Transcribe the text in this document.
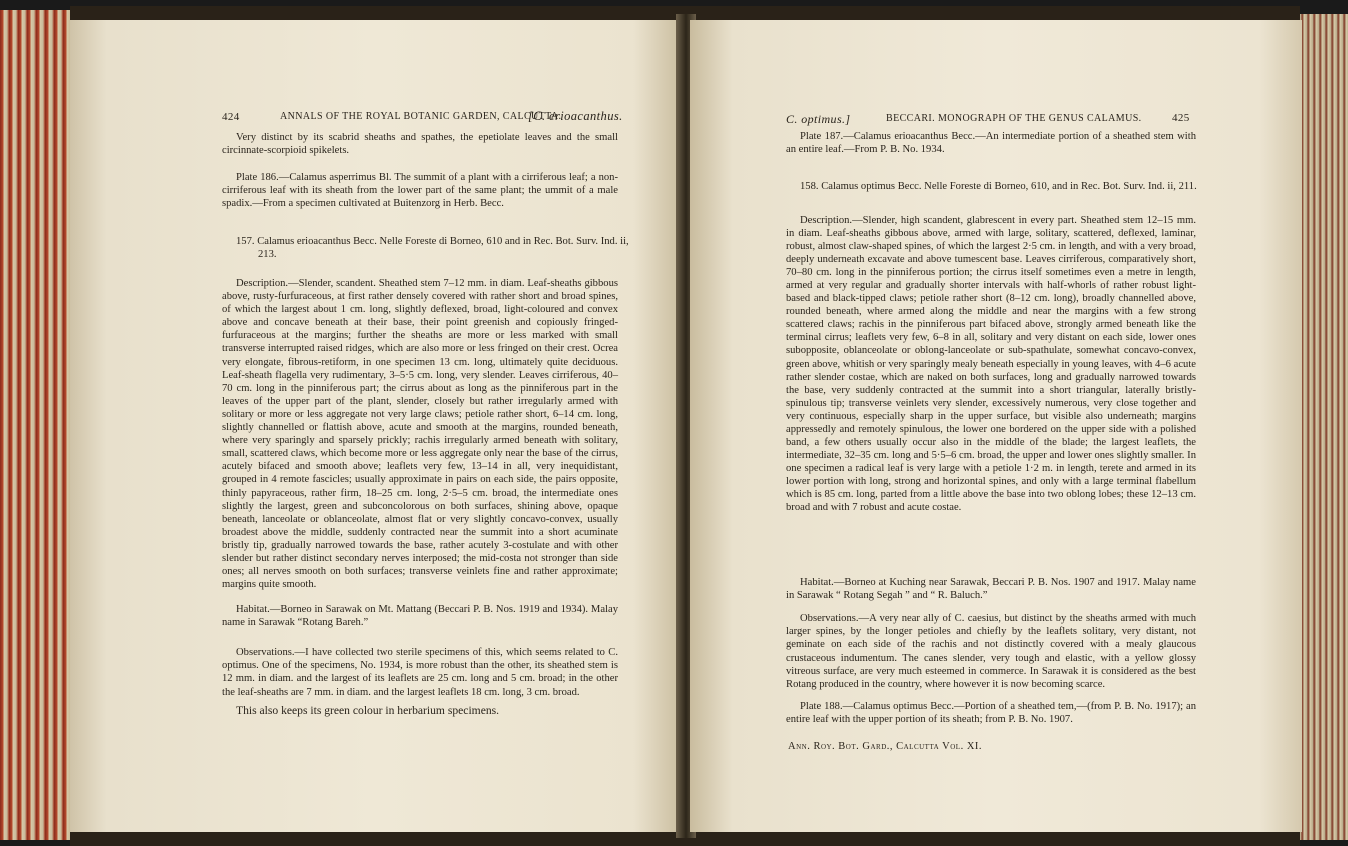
424	ANNALS OF THE ROYAL BOTANIC GARDEN, CALCUTTA.
[C. erioacanthus.

Very distinct by its scabrid sheaths and spathes, the epetiolate leaves and the small circinnate-scorpioid spikelets.

Plate 186.—Calamus asperrimus Bl. The summit of a plant with a cirriferous leaf; a non-cirriferous leaf with its sheath from the lower part of the same plant; the ummit of a male spadix.—From a specimen cultivated at Buitenzorg in Herb. Becc.

157. Calamus erioacanthus Becc. Nelle Foreste di Borneo, 610 and in Rec. Bot. Surv. Ind. ii, 213.

Description.—Slender, scandent. Sheathed stem 7–12 mm. in diam. Leaf-sheaths gibbous above, rusty-furfuraceous, at first rather densely covered with rather short and broad spines, of which the largest about 1 cm. long, slightly deflexed, broad, light-coloured and convex above and concave beneath at their base, their point greenish and copiously fringed-furfuraceous at the margins; further the sheaths are more or less marked with small transverse interrupted raised ridges, which are also more or less fringed on their crest. Ocrea very elongate, fibrous-retiform, in one specimen 13 cm. long, ultimately quite deciduous. Leaf-sheath flagella very rudimentary, 3–5·5 cm. long, very slender. Leaves cirriferous, 40–70 cm. long in the pinniferous part; the cirrus about as long as the pinniferous part in the leaves of the upper part of the plant, slender, closely but rather irregularly armed with solitary or more or less aggregate not very large claws; petiole rather short, 6–14 cm. long, slightly channelled or flattish above, acute and smooth at the margins, rounded beneath, where very sparingly and sparsely prickly; rachis irregularly armed beneath with solitary, small, scattered claws, which become more or less aggregate only near the base of the cirrus, acutely bifaced and smooth above; leaflets very few, 13–14 in all, very inequidistant, grouped in 4 remote fascicles; usually approximate in pairs on each side, the pairs opposite, thinly papyraceous, rather firm, 18–25 cm. long, 2·5–5 cm. broad, the intermediate ones slightly the largest, green and subconcolorous on both surfaces, shining above, opaque beneath, lanceolate or oblanceolate, almost flat or very slightly concavo-convex, usually broadest above the middle, suddenly contracted near the summit into a short acuminate bristly tip, gradually narrowed towards the base, rather acutely 3-costulate and with other slender but rather distinct secondary nerves interposed; the mid-costa not stronger than side ones; all nerves smooth on both surfaces; transverse veinlets fine and rather approximate; margins quite smooth.

Habitat.—Borneo in Sarawak on Mt. Mattang (Beccari P. B. Nos. 1919 and 1934). Malay name in Sarawak “Rotang Bareh.”

Observations.—I have collected two sterile specimens of this, which seems related to C. optimus. One of the specimens, No. 1934, is more robust than the other, its sheathed stem is 12 mm. in diam. and the largest of its leaflets are 25 cm. long and 5 cm. broad; in the other the leaf-sheaths are 7 mm. in diam. and the largest leaflets 18 cm. long, 3 cm. broad.

This also keeps its green colour in herbarium specimens.

C. optimus.]	BECCARI. MONOGRAPH OF THE GENUS CALAMUS.	425

Plate 187.—Calamus erioacanthus Becc.—An intermediate portion of a sheathed stem with an entire leaf.—From P. B. No. 1934.

158. Calamus optimus Becc. Nelle Foreste di Borneo, 610, and in Rec. Bot. Surv. Ind. ii, 211.

Description.—Slender, high scandent, glabrescent in every part. Sheathed stem 12–15 mm. in diam. Leaf-sheaths gibbous above, armed with large, solitary, scattered, deflexed, laminar, robust, almost claw-shaped spines, of which the largest 2·5 cm. in length, and with a very broad, deeply underneath excavate and above tumescent base. Leaves cirriferous, comparatively short, 70–80 cm. long in the pinniferous portion; the cirrus itself sometimes even a metre in length, armed at very regular and gradually shorter intervals with half-whorls of rather robust light-based and black-tipped claws; petiole rather short (8–12 cm. long), broadly channelled above, rounded beneath, where armed along the middle and near the margins with a few strong scattered claws; rachis in the pinniferous part bifaced above, strongly armed beneath like the terminal cirrus; leaflets very few, 6–8 in all, solitary and very distant on each side, lower ones subopposite, oblanceolate or oblong-lanceolate or sub-spathulate, somewhat concavo-convex, green above, whitish or very sparingly mealy beneath especially in young leaves, with 4–6 acute rather slender costae, which are naked on both surfaces, long and gradually narrowed towards the base, very suddenly contracted at the summit into a short triangular, laterally bristly-spinulous tip; transverse veinlets very slender, excessively numerous, very close together and very continuous, especially sharp in the upper surface, but visible also underneath; margins appressedly and remotely spinulous, the lower one bordered on the upper side with a polished band, a few others usually occur also in the middle of the blade; the largest leaflets, the intermediate, 32–35 cm. long and 5·5–6 cm. broad, the upper and lower ones slightly smaller. In one specimen a radical leaf is very large with a petiole 1·2 m. in length, terete and armed in its lower portion with long, strong and horizontal spines, and only with a large terminal flabellum which is 85 cm. long, parted from a little above the base into two oblong lobes; these 12–13 cm. broad and with 7 robust and acute costae.

Habitat.—Borneo at Kuching near Sarawak, Beccari P. B. Nos. 1907 and 1917. Malay name in Sarawak “ Rotang Segah ” and “ R. Baluch.”

Observations.—A very near ally of C. caesius, but distinct by the sheaths armed with much larger spines, by the longer petioles and chiefly by the leaflets solitary, very distant, not geminate on each side of the rachis and not distinctly covered with a mealy glaucous crustaceous indumentum. The canes slender, very tough and elastic, with a yellow glossy vitreous surface, are very much esteemed in commerce. In Sarawak it is considered as the best Rotang produced in the country, where however it is now becoming scarce.

Plate 188.—Calamus optimus Becc.—Portion of a sheathed tem,—(from P. B. No. 1917); an entire leaf with the upper portion of its sheath; from P. B. No. 1907.

Ann. Roy. Bot. Gard., Calcutta Vol. XI.
